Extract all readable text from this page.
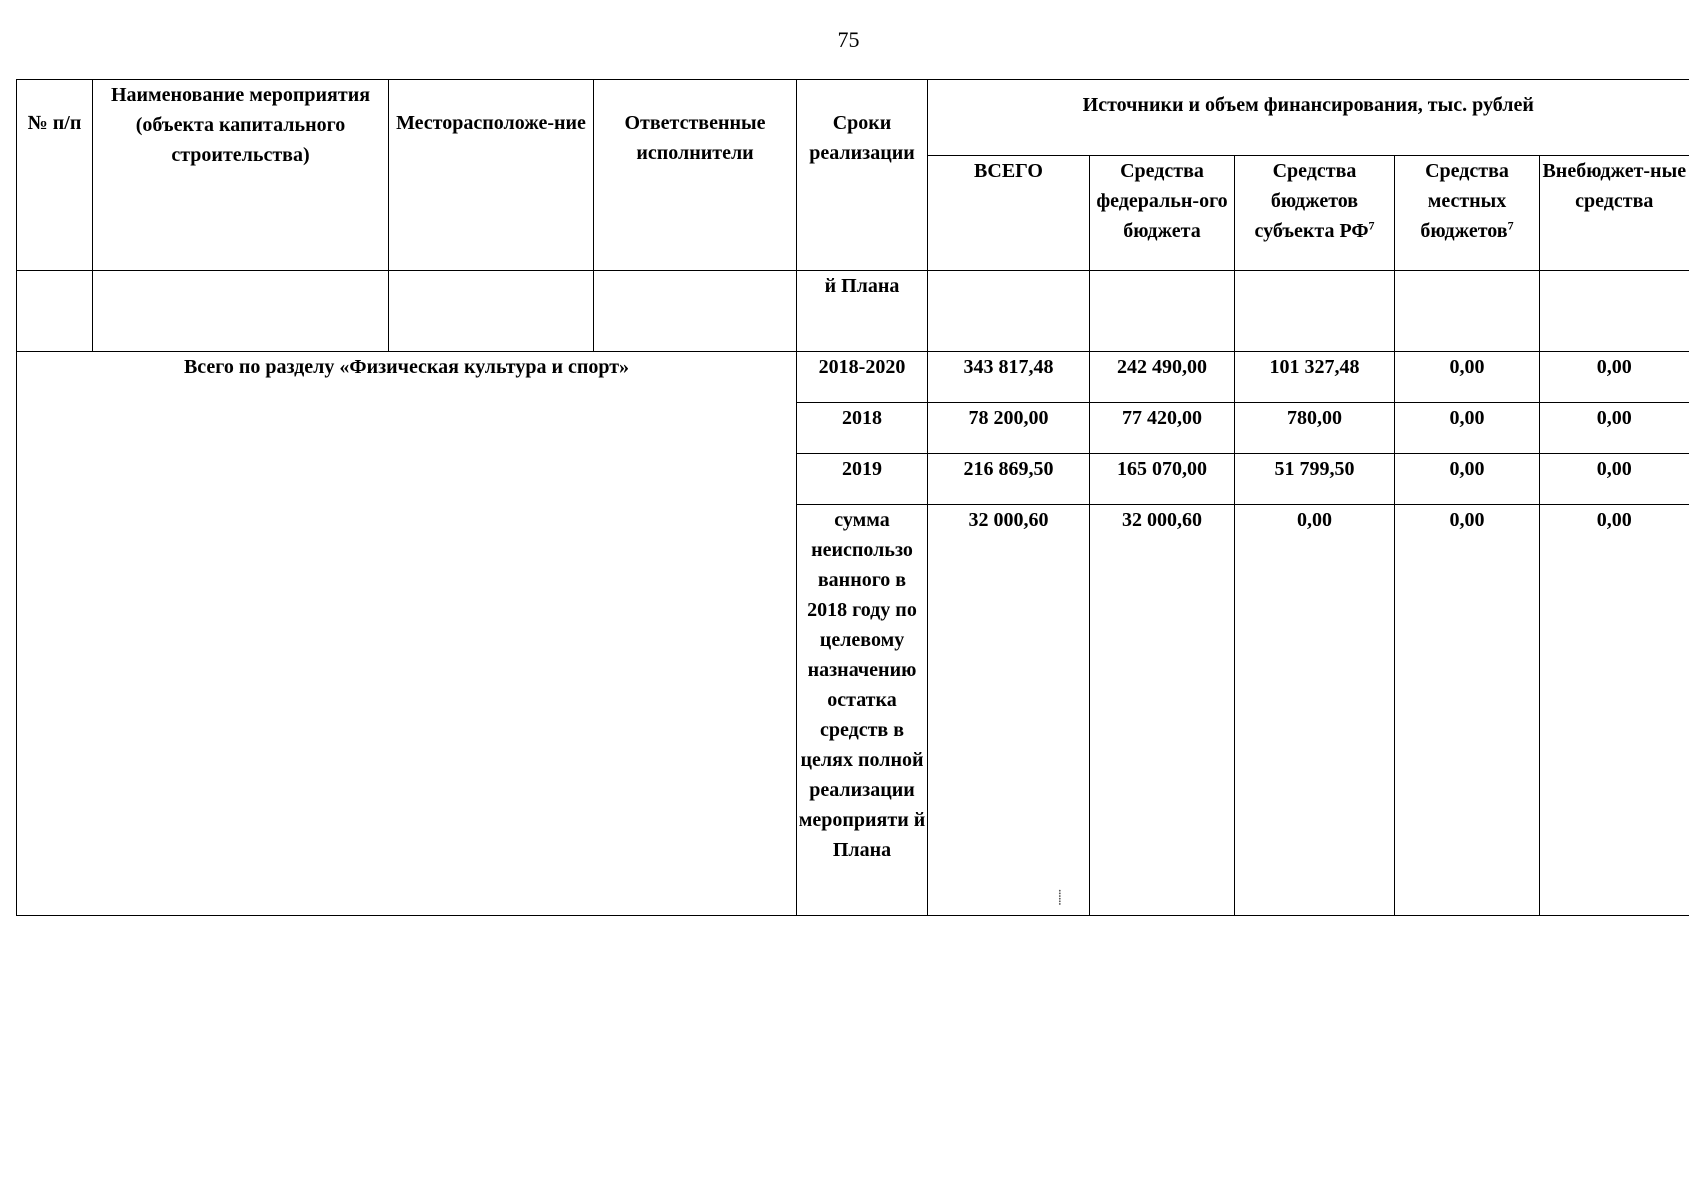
75
№ п/п	Наименование мероприятия (объекта капитального строительства)	Месторасположе-ние	Ответственные исполнители	Сроки реализации	Источники и объем финансирования, тыс. рублей				
					ВСЕГО	Средства федеральн-ого бюджета	Средства бюджетов субъекта $РФ^7$	Средства местных бюджетов$^7$	Внебюджет-ные средства
				й Плана					
Всего по разделу «Физическая культура и спорт»				2018-2020	343 817,48	242 490,00	101 327,48	0,00	0,00
				2018	78 200,00	77 420,00	780,00	0,00	0,00
				2019	216 869,50	165 070,00	51 799,50	0,00	0,00
				сумма неиспользо ванного в 2018 году по целевому назначению остатка средств в целях полной реализации мероприяти й Плана	32 000,60	32 000,60	0,00	0,00	0,00
⸽
